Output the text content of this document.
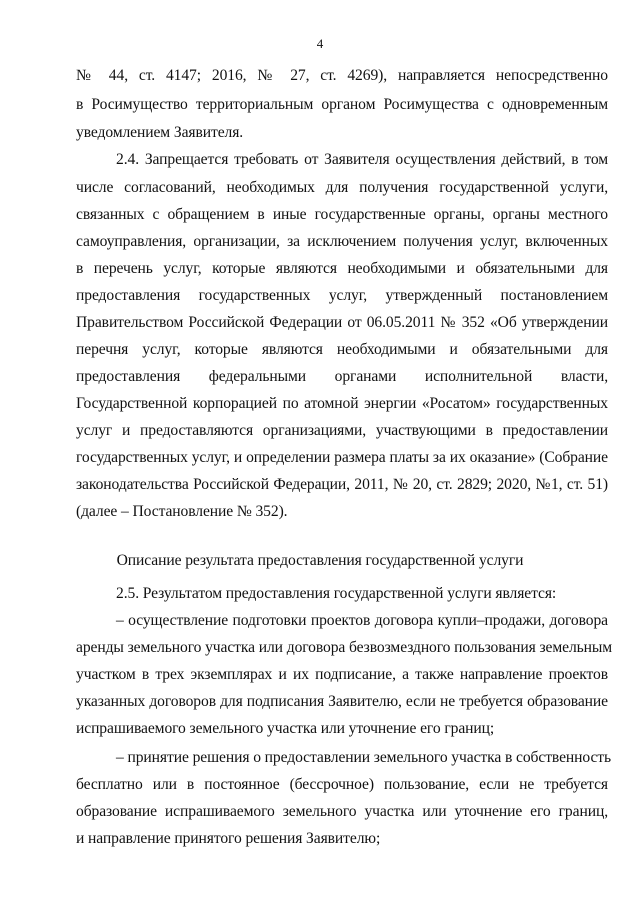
4
№ 44, ст. 4147; 2016, № 27, ст. 4269), направляется непосредственно
в Росимущество территориальным органом Росимущества с одновременным
уведомлением Заявителя.
2.4. Запрещается требовать от Заявителя осуществления действий, в том
числе согласований, необходимых для получения государственной услуги,
связанных с обращением в иные государственные органы, органы местного
самоуправления, организации, за исключением получения услуг, включенных
в перечень услуг, которые являются необходимыми и обязательными для
предоставления государственных услуг, утвержденный постановлением
Правительством Российской Федерации от 06.05.2011 № 352 «Об утверждении
перечня услуг, которые являются необходимыми и обязательными для
предоставления федеральными органами исполнительной власти,
Государственной корпорацией по атомной энергии «Росатом» государственных
услуг и предоставляются организациями, участвующими в предоставлении
государственных услуг, и определении размера платы за их оказание» (Собрание
законодательства Российской Федерации, 2011, № 20, ст. 2829; 2020, №1, ст. 51)
(далее – Постановление № 352).
Описание результата предоставления государственной услуги
2.5. Результатом предоставления государственной услуги является:
– осуществление подготовки проектов договора купли–продажи, договора
аренды земельного участка или договора безвозмездного пользования земельным
участком в трех экземплярах и их подписание, а также направление проектов
указанных договоров для подписания Заявителю, если не требуется образование
испрашиваемого земельного участка или уточнение его границ;
– принятие решения о предоставлении земельного участка в собственность
бесплатно или в постоянное (бессрочное) пользование, если не требуется
образование испрашиваемого земельного участка или уточнение его границ,
и направление принятого решения Заявителю;
